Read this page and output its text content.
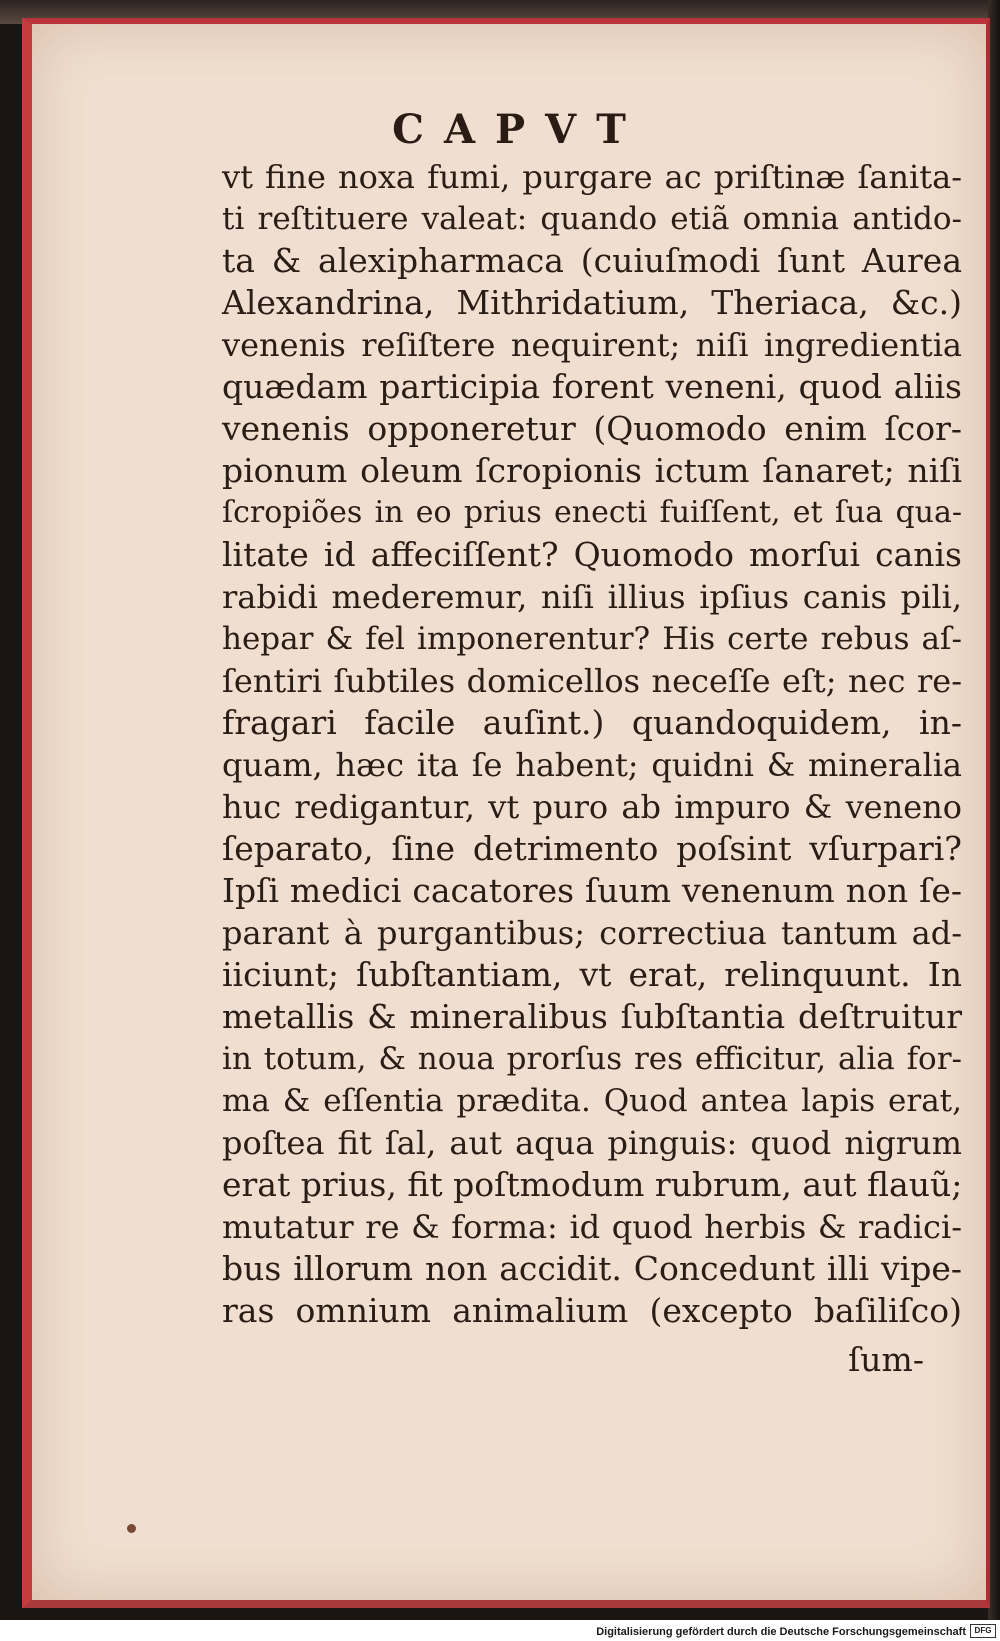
CAPVT
vt fine noxa fumi, purgare ac priſtinæ ſanita-
ti reſtituere valeat: quando etiã omnia antido-
ta & alexipharmaca (cuiuſmodi ſunt Aurea
Alexandrina, Mithridatium, Theriaca, &c.)
venenis reſiſtere nequirent; niſi ingredientia
quædam participia forent veneni, quod aliis
venenis opponeretur (Quomodo enim ſcor-
pionum oleum ſcropionis ictum ſanaret; niſi
ſcropiões in eo prius enecti fuiſſent, et ſua qua-
litate id affeciſſent? Quomodo morſui canis
rabidi mederemur, niſi illius ipſius canis pili,
hepar & fel imponerentur? His certe rebus aſ-
ſentiri ſubtiles domicellos neceſſe eſt; nec re-
fragari facile auſint.) quandoquidem, in-
quam, hæc ita ſe habent; quidni & mineralia
huc redigantur, vt puro ab impuro & veneno
ſeparato, ſine detrimento poſsint vſurpari?
Ipſi medici cacatores ſuum venenum non ſe-
parant à purgantibus; correctiua tantum ad-
iiciunt; ſubſtantiam, vt erat, relinquunt. In
metallis & mineralibus ſubſtantia deſtruitur
in totum, & noua prorſus res efficitur, alia for-
ma & eſſentia prædita. Quod antea lapis erat,
poſtea fit ſal, aut aqua pinguis: quod nigrum
erat prius, fit poſtmodum rubrum, aut flauũ;
mutatur re & forma: id quod herbis & radici-
bus illorum non accidit. Concedunt illi vipe-
ras omnium animalium (excepto baſiliſco)
ſum-
Digitalisierung gefördert durch die Deutsche Forschungsgemeinschaft	DFG
